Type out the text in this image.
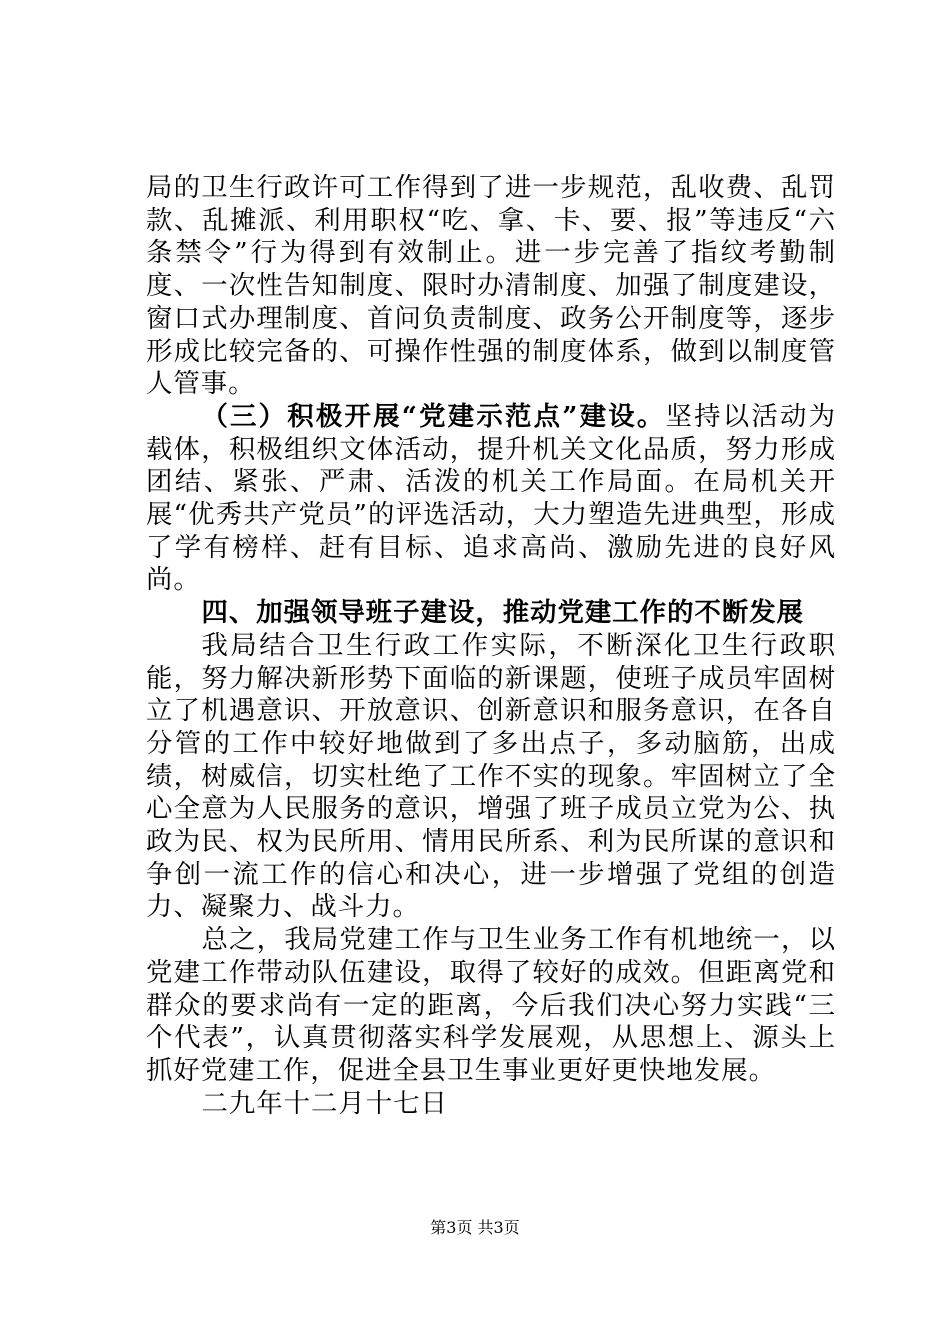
局的卫生行政许可工作得到了进一步规范，乱收费、乱罚款、乱摊派、利用职权“吃、拿、卡、要、报”等违反“六条禁令”行为得到有效制止。进一步完善了指纹考勤制度、一次性告知制度、限时办清制度、加强了制度建设，窗口式办理制度、首问负责制度、政务公开制度等，逐步形成比较完备的、可操作性强的制度体系，做到以制度管人管事。

（三）积极开展“党建示范点”建设。坚持以活动为载体，积极组织文体活动，提升机关文化品质，努力形成团结、紧张、严肃、活泼的机关工作局面。在局机关开展“优秀共产党员”的评选活动，大力塑造先进典型，形成了学有榜样、赶有目标、追求高尚、激励先进的良好风尚。

四、加强领导班子建设，推动党建工作的不断发展

我局结合卫生行政工作实际，不断深化卫生行政职能，努力解决新形势下面临的新课题，使班子成员牢固树立了机遇意识、开放意识、创新意识和服务意识，在各自分管的工作中较好地做到了多出点子，多动脑筋，出成绩，树威信，切实杜绝了工作不实的现象。牢固树立了全心全意为人民服务的意识，增强了班子成员立党为公、执政为民、权为民所用、情用民所系、利为民所谋的意识和争创一流工作的信心和决心，进一步增强了党组的创造力、凝聚力、战斗力。

总之，我局党建工作与卫生业务工作有机地统一，以党建工作带动队伍建设，取得了较好的成效。但距离党和群众的要求尚有一定的距离，今后我们决心努力实践“三个代表”，认真贯彻落实科学发展观，从思想上、源头上抓好党建工作，促进全县卫生事业更好更快地发展。

二九年十二月十七日

第3页 共3页
